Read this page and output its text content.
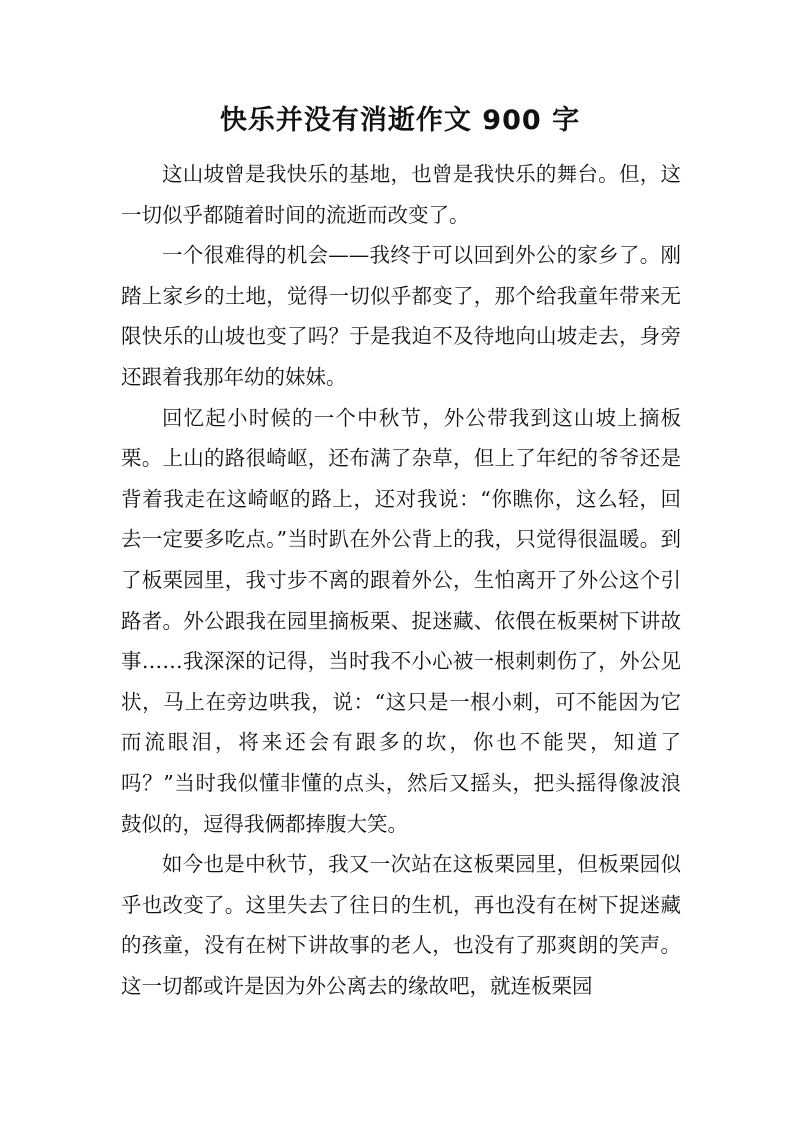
快乐并没有消逝作文 900 字

这山坡曾是我快乐的基地，也曾是我快乐的舞台。但，这一切似乎都随着时间的流逝而改变了。

一个很难得的机会——我终于可以回到外公的家乡了。刚踏上家乡的土地，觉得一切似乎都变了，那个给我童年带来无限快乐的山坡也变了吗？于是我迫不及待地向山坡走去，身旁还跟着我那年幼的妹妹。

回忆起小时候的一个中秋节，外公带我到这山坡上摘板栗。上山的路很崎岖，还布满了杂草，但上了年纪的爷爷还是背着我走在这崎岖的路上，还对我说：“你瞧你，这么轻，回去一定要多吃点。”当时趴在外公背上的我，只觉得很温暖。到了板栗园里，我寸步不离的跟着外公，生怕离开了外公这个引路者。外公跟我在园里摘板栗、捉迷藏、依偎在板栗树下讲故事……我深深的记得，当时我不小心被一根刺刺伤了，外公见状，马上在旁边哄我，说：“这只是一根小刺，可不能因为它而流眼泪，将来还会有跟多的坎，你也不能哭，知道了吗？”当时我似懂非懂的点头，然后又摇头，把头摇得像波浪鼓似的，逗得我俩都捧腹大笑。

如今也是中秋节，我又一次站在这板栗园里，但板栗园似乎也改变了。这里失去了往日的生机，再也没有在树下捉迷藏的孩童，没有在树下讲故事的老人，也没有了那爽朗的笑声。这一切都或许是因为外公离去的缘故吧，就连板栗园
